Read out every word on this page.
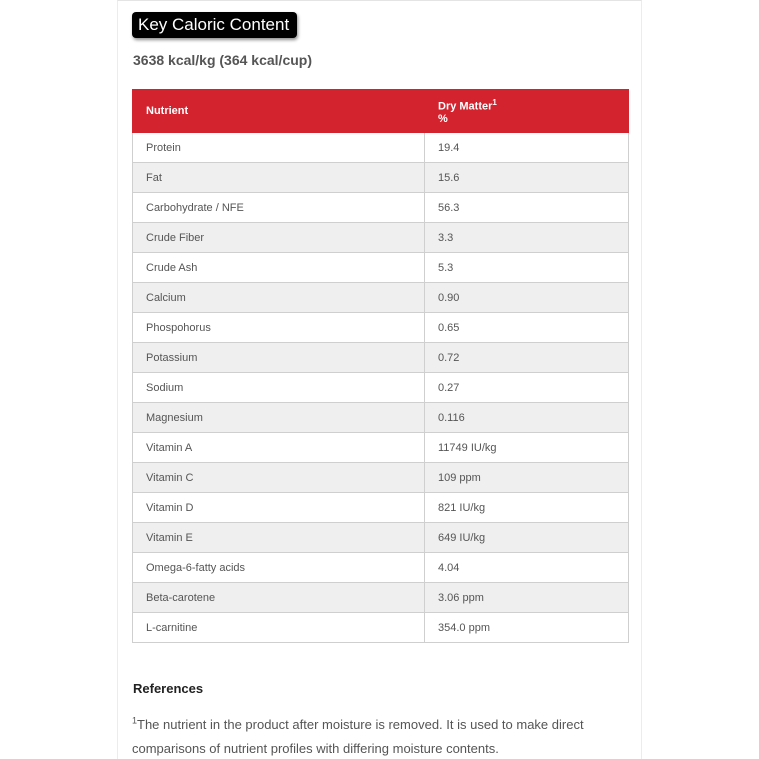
Key Caloric Content
3638 kcal/kg (364 kcal/cup)
Nutrient	Dry Matter$^1$
%
Protein	19.4
Fat	15.6
Carbohydrate / NFE	56.3
Crude Fiber	3.3
Crude Ash	5.3
Calcium	0.90
Phospohorus	0.65
Potassium	0.72
Sodium	0.27
Magnesium	0.116
Vitamin A	11749 IU/kg
Vitamin C	109 ppm
Vitamin D	821 IU/kg
Vitamin E	649 IU/kg
Omega-6-fatty acids	4.04
Beta-carotene	3.06 ppm
L-carnitine	354.0 ppm
References
$^1$The nutrient in the product after moisture is removed. It is used to make direct comparisons of nutrient profiles with differing moisture contents.
